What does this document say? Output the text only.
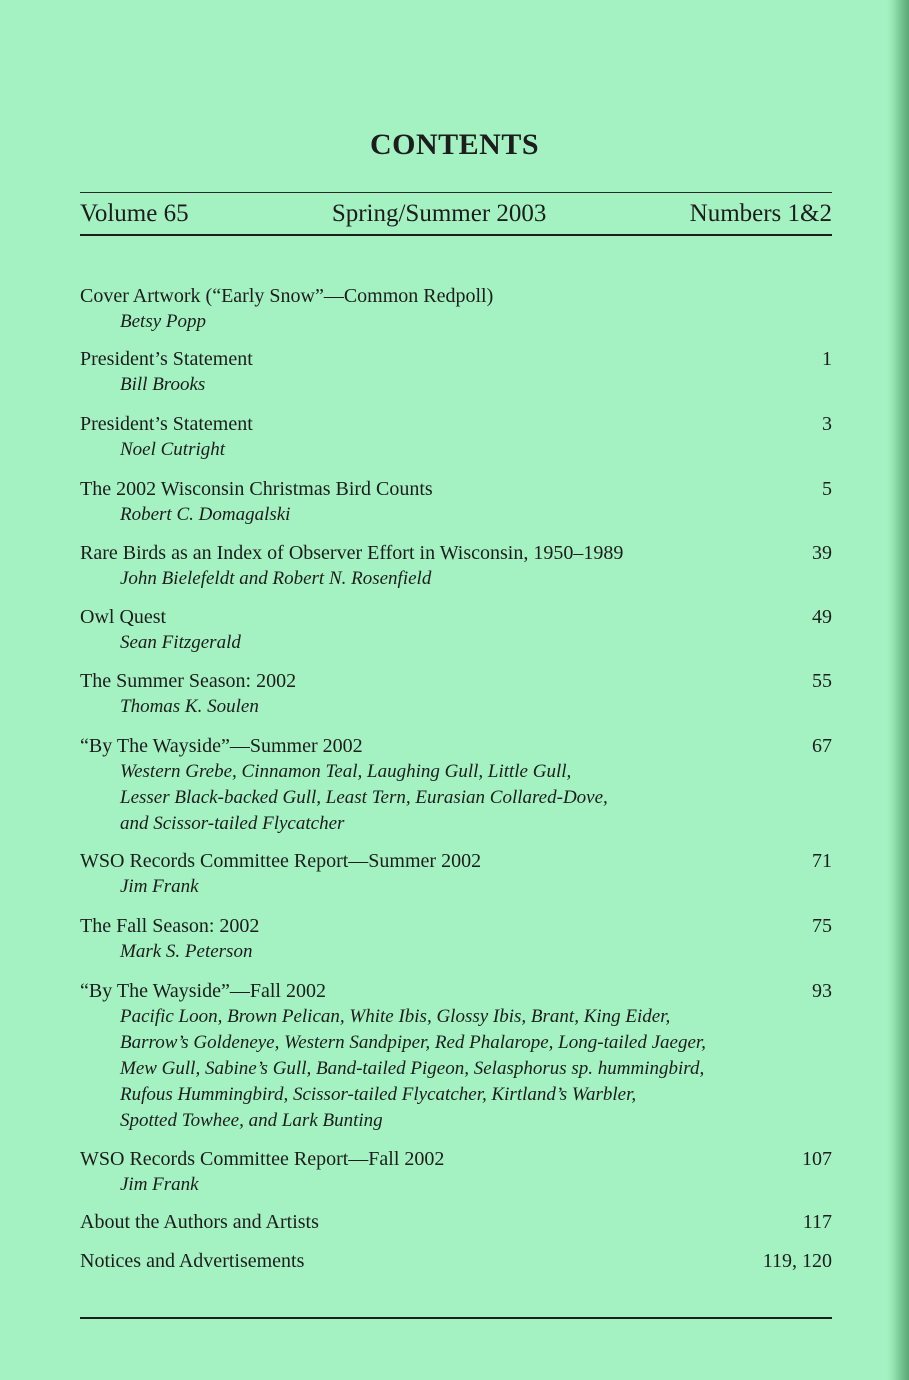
CONTENTS
Volume 65	Spring/Summer 2003	Numbers 1&2
Cover Artwork (“Early Snow”—Common Redpoll)
Betsy Popp
President’s Statement	1
Bill Brooks
President’s Statement	3
Noel Cutright
The 2002 Wisconsin Christmas Bird Counts	5
Robert C. Domagalski
Rare Birds as an Index of Observer Effort in Wisconsin, 1950–1989	39
John Bielefeldt and Robert N. Rosenfield
Owl Quest	49
Sean Fitzgerald
The Summer Season: 2002	55
Thomas K. Soulen
“By The Wayside”—Summer 2002	67
Western Grebe, Cinnamon Teal, Laughing Gull, Little Gull,
Lesser Black-backed Gull, Least Tern, Eurasian Collared-Dove,
and Scissor-tailed Flycatcher
WSO Records Committee Report—Summer 2002	71
Jim Frank
The Fall Season: 2002	75
Mark S. Peterson
“By The Wayside”—Fall 2002	93
Pacific Loon, Brown Pelican, White Ibis, Glossy Ibis, Brant, King Eider,
Barrow’s Goldeneye, Western Sandpiper, Red Phalarope, Long-tailed Jaeger,
Mew Gull, Sabine’s Gull, Band-tailed Pigeon, Selasphorus sp. hummingbird,
Rufous Hummingbird, Scissor-tailed Flycatcher, Kirtland’s Warbler,
Spotted Towhee, and Lark Bunting
WSO Records Committee Report—Fall 2002	107
Jim Frank
About the Authors and Artists	117
Notices and Advertisements	119, 120
